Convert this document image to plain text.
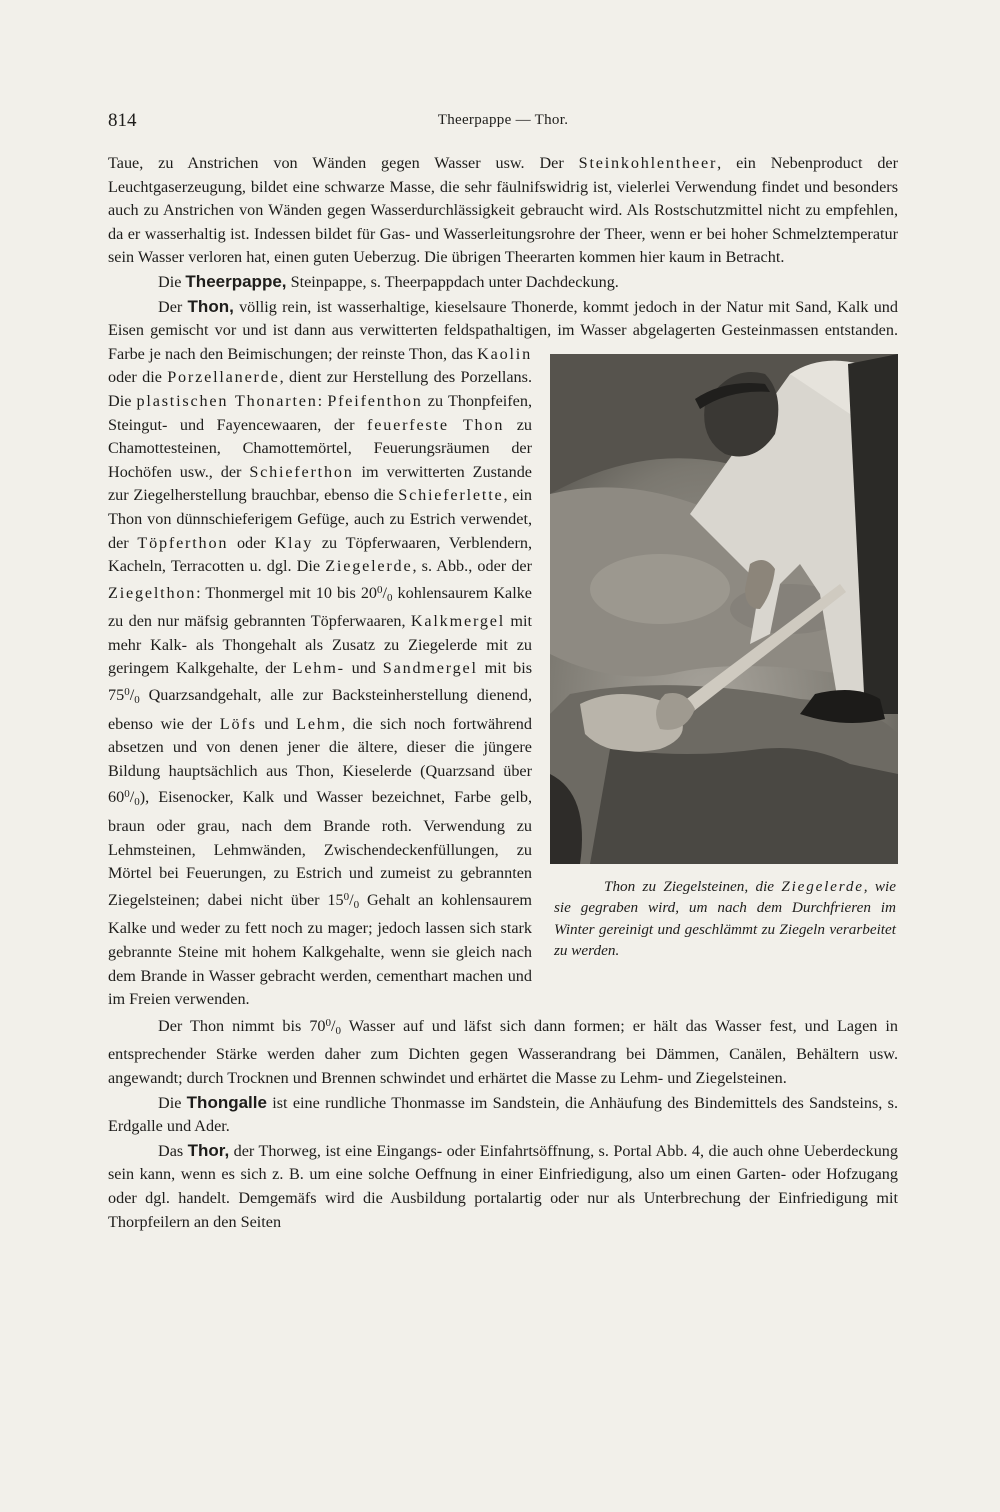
814	Theerpappe — Thor.

Taue, zu Anstrichen von Wänden gegen Wasser usw. Der Steinkohlentheer, ein Nebenproduct der Leuchtgaserzeugung, bildet eine schwarze Masse, die sehr fäulnifswidrig ist, vielerlei Verwendung findet und besonders auch zu Anstrichen von Wänden gegen Wasserdurchlässigkeit gebraucht wird. Als Rostschutzmittel nicht zu empfehlen, da er wasserhaltig ist. Indessen bildet für Gas- und Wasserleitungsrohre der Theer, wenn er bei hoher Schmelztemperatur sein Wasser verloren hat, einen guten Ueberzug. Die übrigen Theerarten kommen hier kaum in Betracht.

Die Theerpappe, Steinpappe, s. Theerpappdach unter Dachdeckung.

Der Thon, völlig rein, ist wasserhaltige, kieselsaure Thonerde, kommt jedoch in der Natur mit Sand, Kalk und Eisen gemischt vor und ist dann aus verwitterten feldspathaltigen, im Wasser abgelagerten Gesteinmassen entstanden. Farbe je nach den Beimischungen; der reinste Thon, das
Thon zu Ziegelsteinen, die Ziegelerde, wie sie gegraben wird, um nach dem Durchfrieren im Winter gereinigt und geschlämmt zu Ziegeln verarbeitet zu werden.
Kaolin oder die Porzellanerde, dient zur Herstellung des Porzellans. Die plastischen Thonarten: Pfeifenthon zu Thonpfeifen, Steingut- und Fayencewaaren, der feuerfeste Thon zu Chamottesteinen, Chamottemörtel, Feuerungsräumen der Hochöfen usw., der Schieferthon im verwitterten Zustande zur Ziegelherstellung brauchbar, ebenso die Schieferlette, ein Thon von dünnschieferigem Gefüge, auch zu Estrich verwendet, der Töpferthon oder Klay zu Töpferwaaren, Verblendern, Kacheln, Terracotten u. dgl. Die Ziegelerde, s. Abb., oder der Ziegelthon: Thonmergel mit 10 bis $20^0/_0$ kohlensaurem Kalke zu den nur mäfsig gebrannten Töpferwaaren, Kalkmergel mit mehr Kalk- als Thongehalt als Zusatz zu Ziegelerde mit zu geringem Kalkgehalte, der Lehm- und Sandmergel mit bis $75^0/_0$ Quarzsandgehalt, alle zur Backsteinherstellung dienend, ebenso wie der Löfs und Lehm, die sich noch fortwährend absetzen und von denen jener die ältere, dieser die jüngere Bildung hauptsächlich aus Thon, Kieselerde (Quarzsand über $60^0/_0$), Eisenocker, Kalk und Wasser bezeichnet, Farbe gelb, braun oder grau, nach dem Brande roth. Verwendung zu Lehmsteinen, Lehmwänden, Zwischendeckenfüllungen, zu Mörtel bei Feuerungen, zu Estrich und zumeist zu gebrannten Ziegelsteinen; dabei nicht über $15^0/_0$ Gehalt an kohlensaurem Kalke und weder zu fett noch zu mager; jedoch lassen sich stark gebrannte Steine mit hohem Kalkgehalte, wenn sie gleich nach dem Brande in Wasser gebracht werden, cementhart machen und im Freien verwenden.

Der Thon nimmt bis $70^0/_0$ Wasser auf und läfst sich dann formen; er hält das Wasser fest, und Lagen in entsprechender Stärke werden daher zum Dichten gegen Wasserandrang bei Dämmen, Canälen, Behältern usw. angewandt; durch Trocknen und Brennen schwindet und erhärtet die Masse zu Lehm- und Ziegelsteinen.

Die Thongalle ist eine rundliche Thonmasse im Sandstein, die Anhäufung des Bindemittels des Sandsteins, s. Erdgalle und Ader.

Das Thor, der Thorweg, ist eine Eingangs- oder Einfahrtsöffnung, s. Portal Abb. 4, die auch ohne Ueberdeckung sein kann, wenn es sich z. B. um eine solche Oeffnung in einer Einfriedigung, also um einen Garten- oder Hofzugang oder dgl. handelt. Demgemäfs wird die Ausbildung portalartig oder nur als Unterbrechung der Einfriedigung mit Thorpfeilern an den Seiten
